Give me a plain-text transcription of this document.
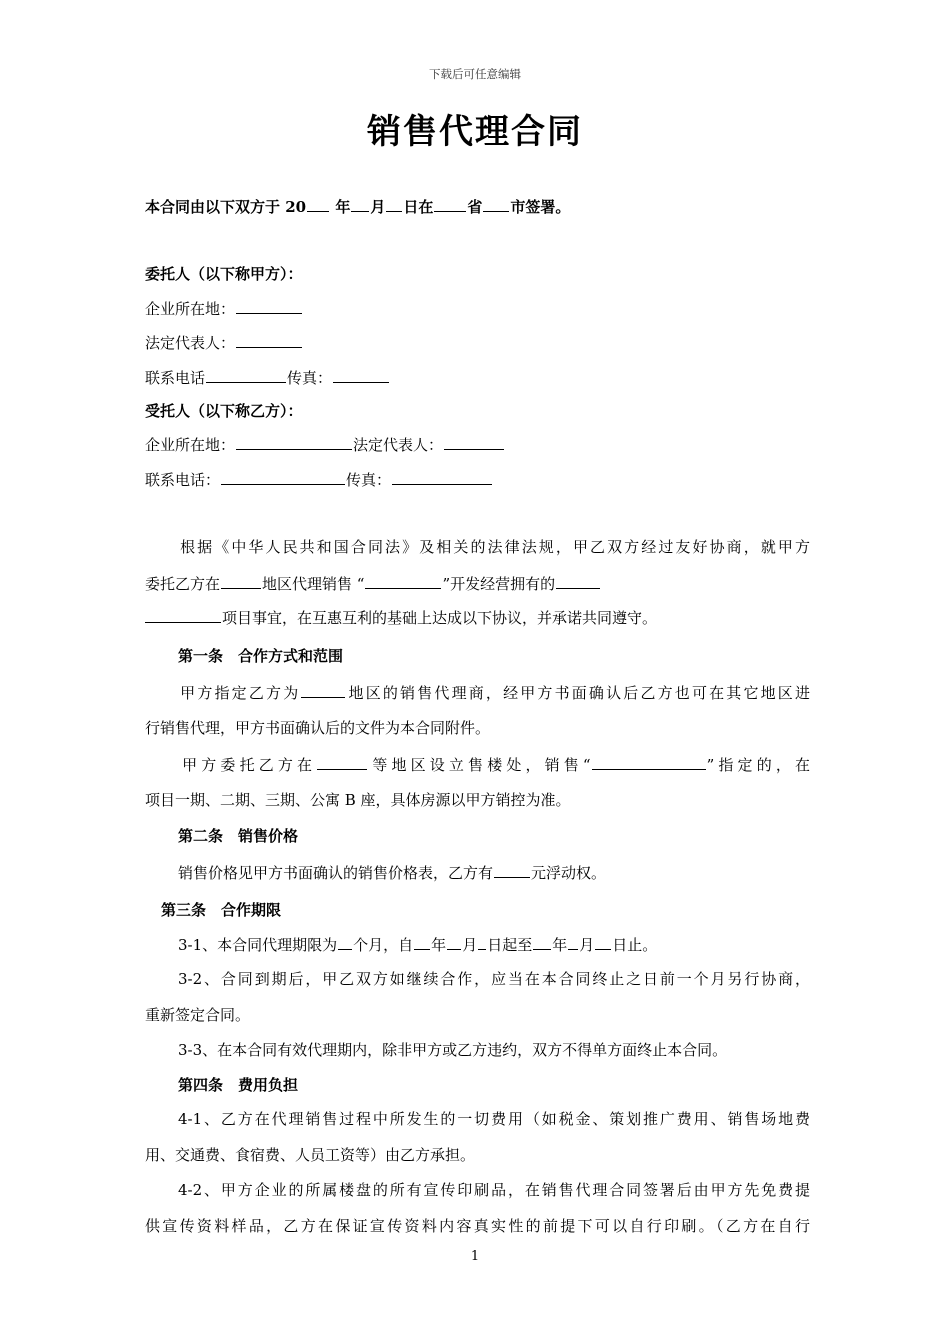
下载后可任意编辑
销售代理合同
本合同由以下双方于 20 年 月 日在 省 市签署。
委托人（以下称甲方）：
企业所在地：
法定代表人：
联系电话	传真：
受托人（以下称乙方）：
企业所在地：	法定代表人：
联系电话：	传真：
根据《中华人民共和国合同法》及相关的法律法规，甲乙双方经过友好协商，就甲方
委托乙方在	地区代理销售 “	”开发经营拥有的
项目事宜，在互惠互利的基础上达成以下协议，并承诺共同遵守。
第一条　合作方式和范围
甲方指定乙方为	地区的销售代理商，经甲方书面确认后乙方也可在其它地区进
行销售代理，甲方书面确认后的文件为本合同附件。
甲方委托乙方在	等地区设立售楼处，销售“	”指定的，在
项目一期、二期、三期、公寓 B 座，具体房源以甲方销控为准。
第二条　销售价格
销售价格见甲方书面确认的销售价格表，乙方有	元浮动权。
第三条　合作期限
3-1、本合同代理期限为 个月，自 年 月 日起至 年 月 日止。
3-2、合同到期后，甲乙双方如继续合作，应当在本合同终止之日前一个月另行协商，
重新签定合同。
3-3、在本合同有效代理期内，除非甲方或乙方违约，双方不得单方面终止本合同。
第四条　费用负担
4-1、乙方在代理销售过程中所发生的一切费用（如税金、策划推广费用、销售场地费
用、交通费、食宿费、人员工资等）由乙方承担。
4-2、甲方企业的所属楼盘的所有宣传印刷品，在销售代理合同签署后由甲方先免费提
供宣传资料样品，乙方在保证宣传资料内容真实性的前提下可以自行印刷。（乙方在自行
1
